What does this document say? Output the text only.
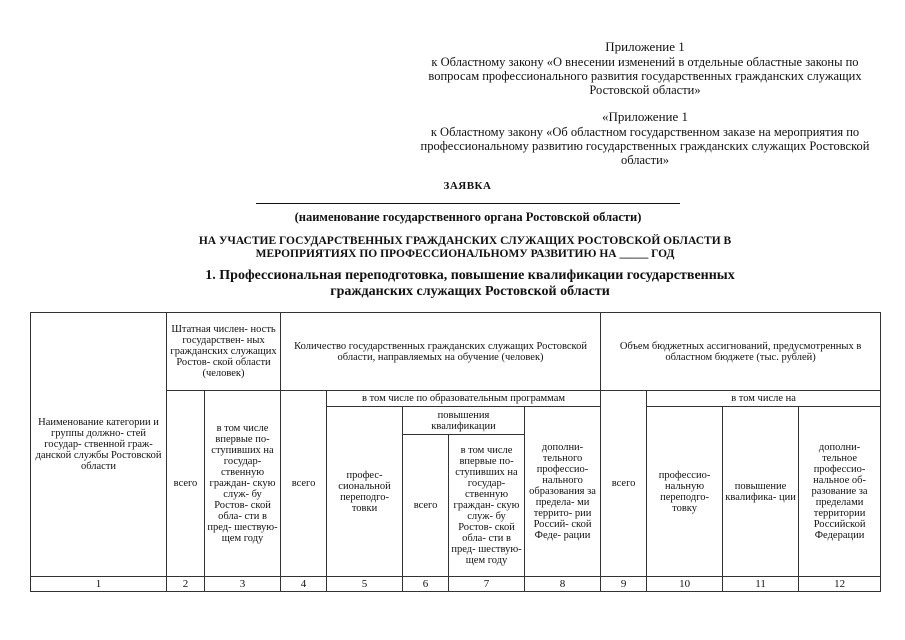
Приложение 1
к Областному закону «О внесении изменений в отдельные областные законы по вопросам профессионального развития государственных гражданских служащих Ростовской области»
«Приложение 1
к Областному закону «Об областном государственном заказе на мероприятия по профессиональному развитию государственных гражданских служащих Ростовской области»
ЗАЯВКА
(наименование государственного органа Ростовской области)
НА УЧАСТИЕ ГОСУДАРСТВЕННЫХ ГРАЖДАНСКИХ СЛУЖАЩИХ РОСТОВСКОЙ ОБЛАСТИ В МЕРОПРИЯТИЯХ ПО ПРОФЕССИОНАЛЬНОМУ РАЗВИТИЮ НА _____ ГОД
1. Профессиональная переподготовка, повышение квалификации государственных гражданских служащих Ростовской области
Наименование категории и группы должно- стей государ- ственной граж- данской службы Ростовской области	Штатная числен- ность государствен- ных гражданских служащих Ростов- ской области (человек)		Количество государственных гражданских служащих Ростовской области, направляемых на обучение (человек)					Объем бюджетных ассигнований, предусмотренных в областном бюджете (тыс. рублей)			
	всего	в том числе впервые по- ступивших на государ- ственную граждан- скую служ- бу Ростов- ской обла- сти в пред- шествую- щем году	всего	в том числе по образовательным программам				всего	в том числе на		
				профес- сиональной переподго- товки	повышения квалификации		дополни- тельного профессио- нального образования за предела- ми террито- рии Россий- ской Феде- рации		профессио- нальную переподго- товку	повышение квалифика- ции	дополни- тельное профессио- нальное об- разование за пределами территории Российской Федерации
					всего	в том числе впервые по- ступивших на государ- ственную граждан- скую служ- бу Ростов- ской обла- сти в пред- шествую- щем году					
1	2	3	4	5	6	7	8	9	10	11	12
